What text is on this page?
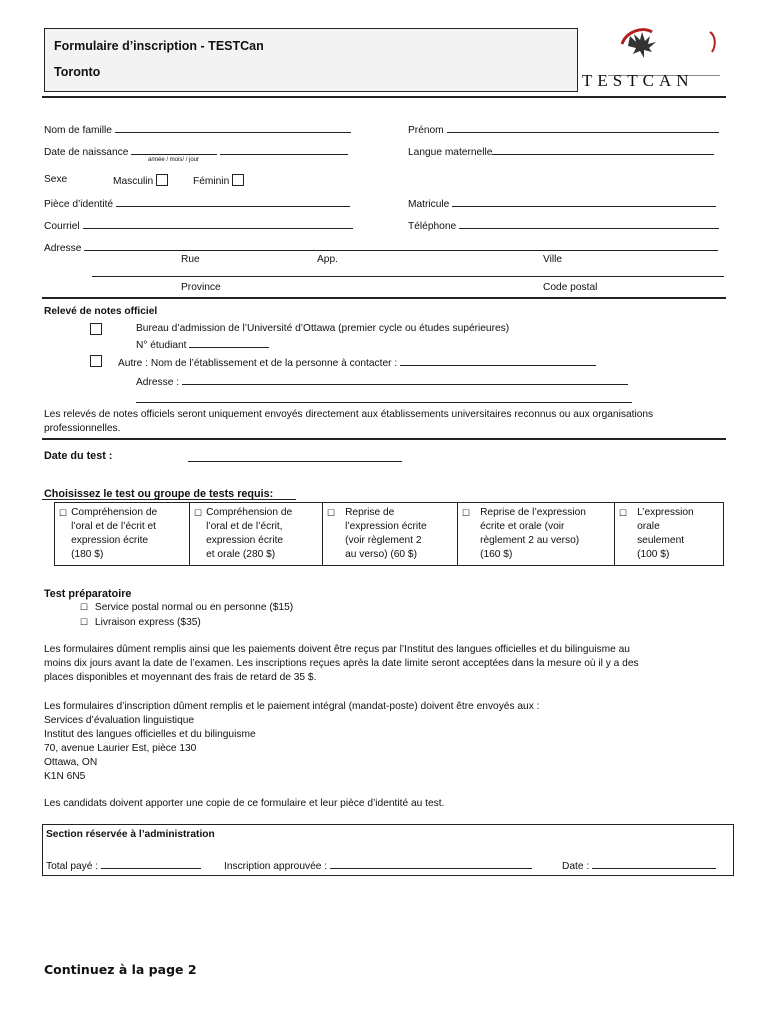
Formulaire d’inscription - TESTCan
Toronto	TESTCAN
Nom de famille	Prénom
Date de naissance
année / mois/ / jour
Langue maternelle
Sexe	Masculin	Féminin
Pièce d’identité	Matricule
Courriel	Téléphone
Adresse
Rue	App.	Ville
Province	Code postal
Relevé de notes officiel
Bureau d’admission de l’Université d’Ottawa (premier cycle ou études supérieures)
N° étudiant
Autre : Nom de l’établissement et de la personne à contacter :
Adresse :
Les relevés de notes officiels seront uniquement envoyés directement aux établissements universitaires reconnus ou aux organisations
professionnelles.
Date du test :
Choisissez le test ou groupe de tests requis:
☐ Compréhension de
l’oral et de l’écrit et
expression écrite
(180 $)

☐ Compréhension de
l’oral et de l’écrit,
expression écrite
et orale (280 $)

☐ Reprise de
l’expression écrite
(voir règlement 2
au verso) (60 $)

☐ Reprise de l’expression
écrite et orale (voir
règlement 2 au verso)
(160 $)

☐ L’expression
orale
seulement
(100 $)
Test préparatoire
☐ Service postal normal ou en personne ($15)
☐ Livraison express ($35)
Les formulaires dûment remplis ainsi que les paiements doivent être reçus par l’Institut des langues officielles et du bilinguisme au
moins dix jours avant la date de l’examen. Les inscriptions reçues après la date limite seront acceptées dans la mesure où il y a des
places disponibles et moyennant des frais de retard de 35 $.
Les formulaires d’inscription dûment remplis et le paiement intégral (mandat-poste) doivent être envoyés aux :
Services d’évaluation linguistique
Institut des langues officielles et du bilinguisme
70, avenue Laurier Est, pièce 130
Ottawa, ON
K1N 6N5
Les candidats doivent apporter une copie de ce formulaire et leur pièce d’identité au test.
Section réservée à l’administration
Total payé :	Inscription approuvée :	Date :
Continuez à la page 2
